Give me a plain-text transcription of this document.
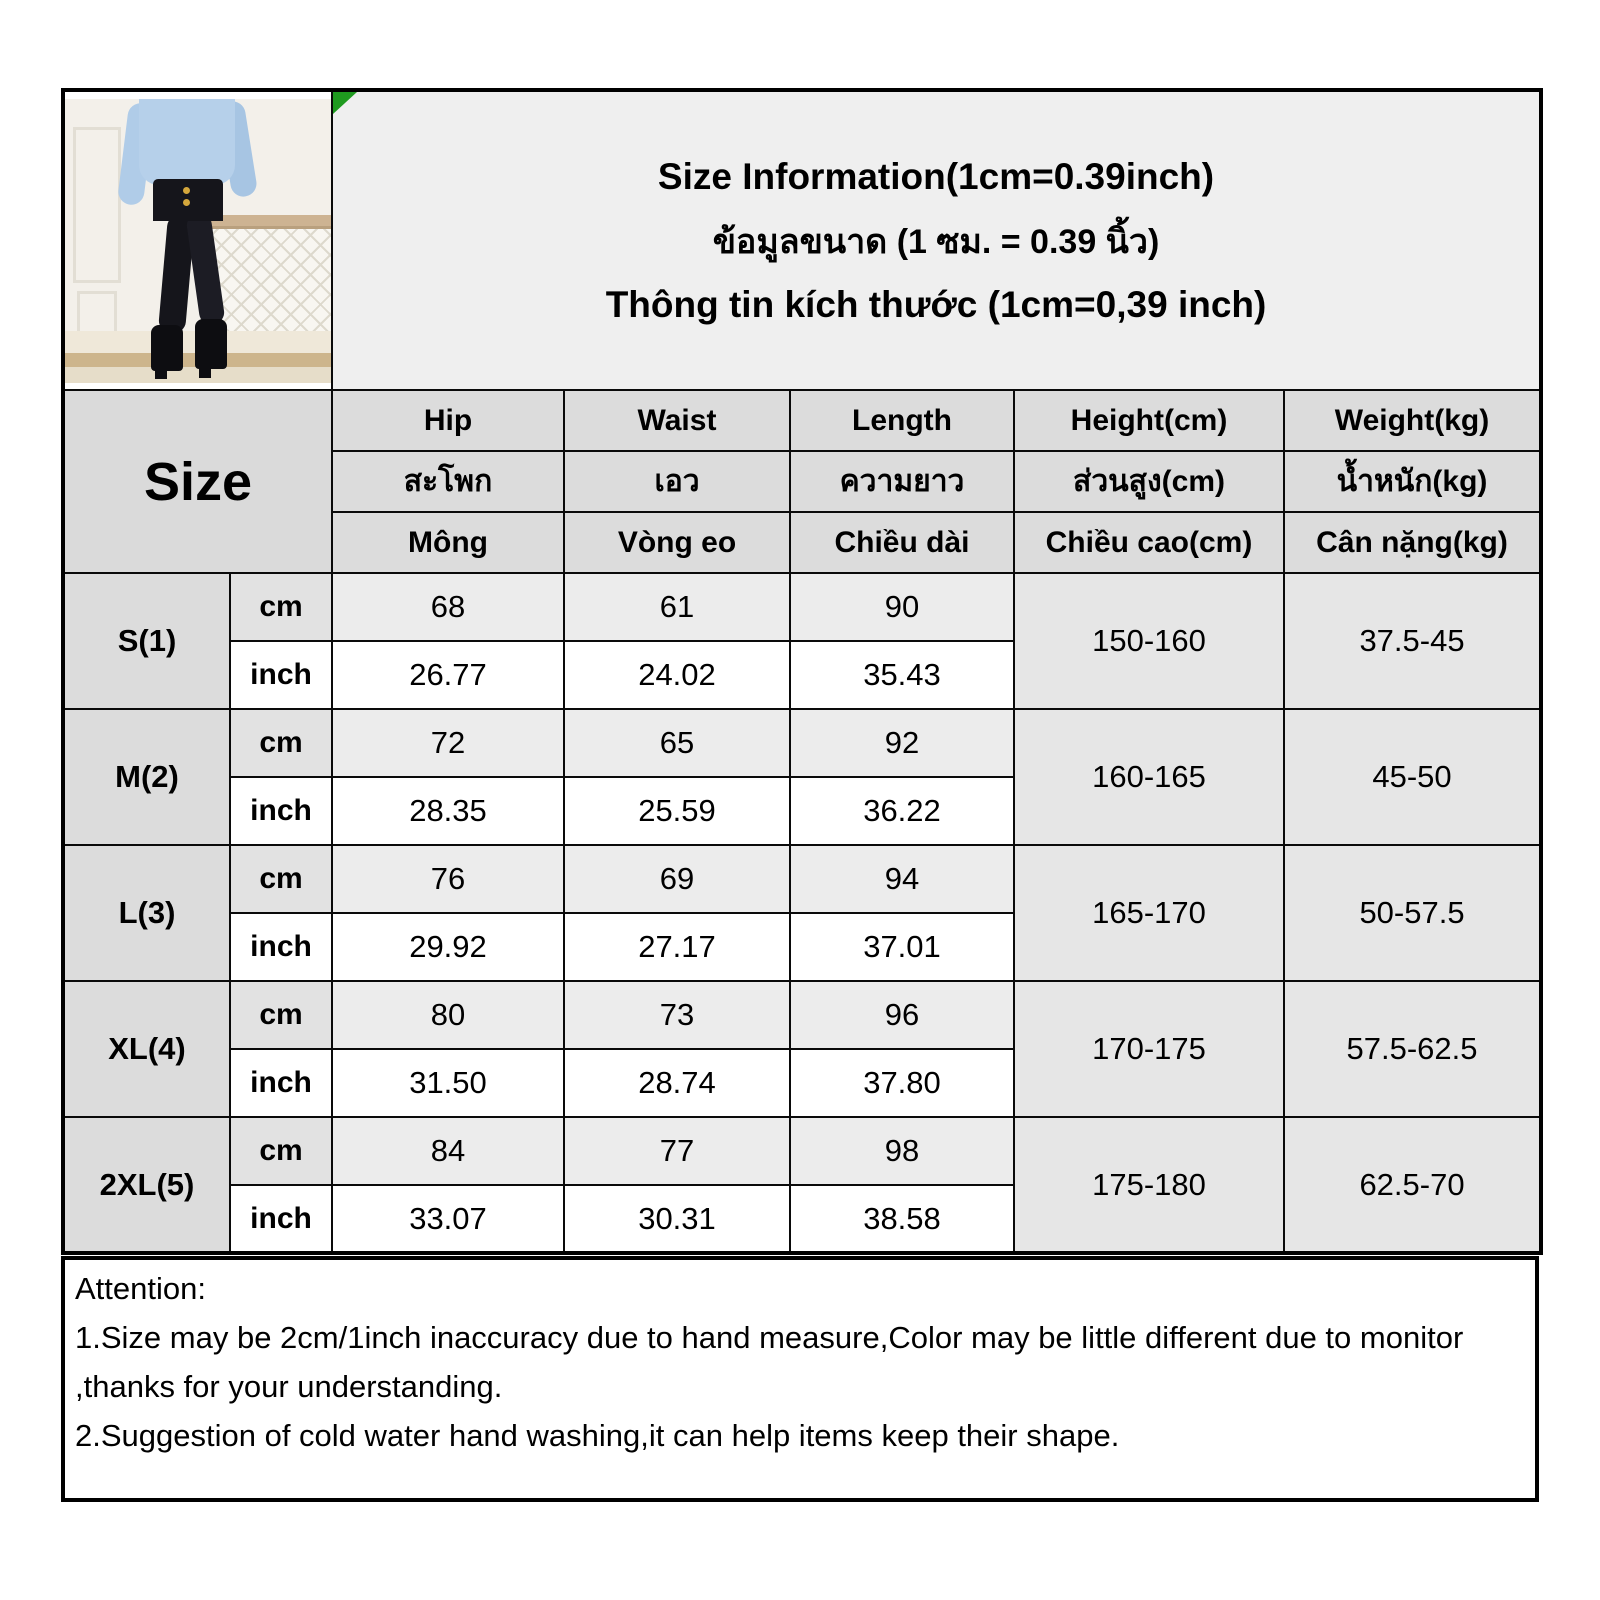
		Size Information(1cm=0.39inch)
ข้อมูลขนาด (1 ซม. = 0.39 นิ้ว)
Thông tin kích thước (1cm=0,39 inch)				

Size		Hip	Waist	Length	Height(cm)	Weight(kg)
		สะโพก	เอว	ความยาว	ส่วนสูง(cm)	น้ำหนัก(kg)
		Mông	Vòng eo	Chiều dài	Chiều cao(cm)	Cân nặng(kg)
S(1)	cm	68	61	90	150-160	37.5-45
	inch	26.77	24.02	35.43		
M(2)	cm	72	65	92	160-165	45-50
	inch	28.35	25.59	36.22		
L(3)	cm	76	69	94	165-170	50-57.5
	inch	29.92	27.17	37.01		
XL(4)	cm	80	73	96	170-175	57.5-62.5
	inch	31.50	28.74	37.80		
2XL(5)	cm	84	77	98	175-180	62.5-70
	inch	33.07	30.31	38.58		
Attention:
1.Size may be 2cm/1inch inaccuracy due to hand measure,Color may be little different due to monitor ,thanks for your understanding.
2.Suggestion of cold water hand washing,it can help items keep their shape.
